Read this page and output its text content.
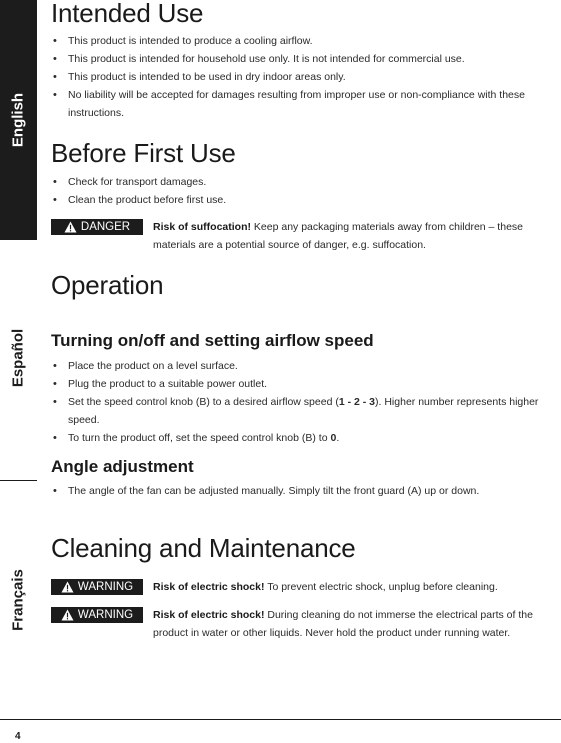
English
Español
Français
Intended Use
• This product is intended to produce a cooling airflow.
• This product is intended for household use only. It is not intended for commercial use.
• This product is intended to be used in dry indoor areas only.
• No liability will be accepted for damages resulting from improper use or non-compliance with these instructions.
Before First Use
• Check for transport damages.
• Clean the product before first use.
DANGER Risk of suffocation! Keep any packaging materials away from children – these materials are a potential source of danger, e.g. suffocation.
Operation
Turning on/off and setting airflow speed
• Place the product on a level surface.
• Plug the product to a suitable power outlet.
• Set the speed control knob (B) to a desired airflow speed (1 - 2 - 3). Higher number represents higher speed.
• To turn the product off, set the speed control knob (B) to 0.
Angle adjustment
• The angle of the fan can be adjusted manually. Simply tilt the front guard (A) up or down.
Cleaning and Maintenance
WARNING Risk of electric shock! To prevent electric shock, unplug before cleaning.
WARNING Risk of electric shock! During cleaning do not immerse the electrical parts of the product in water or other liquids. Never hold the product under running water.
4
